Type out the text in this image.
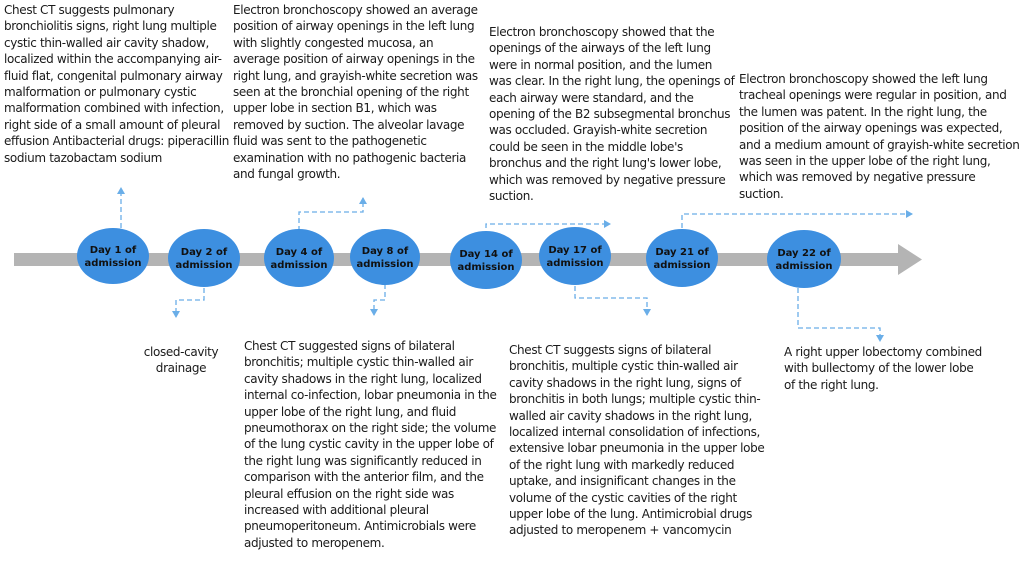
Day 1 of
admission
Day 2 of
admission
Day 4 of
admission
Day 8 of
admission
Day 14 of
admission
Day 17 of
admission
Day 21 of
admission
Day 22 of
admission
Chest CT suggests pulmonary bronchiolitis signs, right lung multiple cystic thin-walled air cavity shadow, localized within the accompanying air-fluid flat, congenital pulmonary airway malformation or pulmonary cystic malformation combined with infection, right side of a small amount of pleural effusion Antibacterial drugs: piperacillin sodium tazobactam sodium
Electron bronchoscopy showed an average position of airway openings in the left lung with slightly congested mucosa, an average position of airway openings in the right lung, and grayish-white secretion was seen at the bronchial opening of the right upper lobe in section B1, which was removed by suction. The alveolar lavage fluid was sent to the pathogenetic examination with no pathogenic bacteria and fungal growth.
Electron bronchoscopy showed that the openings of the airways of the left lung were in normal position, and the lumen was clear. In the right lung, the openings of each airway were standard, and the opening of the B2 subsegmental bronchus was occluded. Grayish-white secretion could be seen in the middle lobe's bronchus and the right lung's lower lobe, which was removed by negative pressure suction.
Electron bronchoscopy showed the left lung tracheal openings were regular in position, and the lumen was patent. In the right lung, the position of the airway openings was expected, and a medium amount of grayish-white secretion was seen in the upper lobe of the right lung, which was removed by negative pressure suction.
closed-cavity drainage
Chest CT suggested signs of bilateral bronchitis; multiple cystic thin-walled air cavity shadows in the right lung, localized internal co-infection, lobar pneumonia in the upper lobe of the right lung, and fluid pneumothorax on the right side; the volume of the lung cystic cavity in the upper lobe of the right lung was significantly reduced in comparison with the anterior film, and the pleural effusion on the right side was increased with additional pleural pneumoperitoneum. Antimicrobials were adjusted to meropenem.
Chest CT suggests signs of bilateral bronchitis, multiple cystic thin-walled air cavity shadows in the right lung, signs of bronchitis in both lungs; multiple cystic thin-walled air cavity shadows in the right lung, localized internal consolidation of infections, extensive lobar pneumonia in the upper lobe of the right lung with markedly reduced uptake, and insignificant changes in the volume of the cystic cavities of the right upper lobe of the lung. Antimicrobial drugs adjusted to meropenem + vancomycin
A right upper lobectomy combined with bullectomy of the lower lobe of the right lung.
